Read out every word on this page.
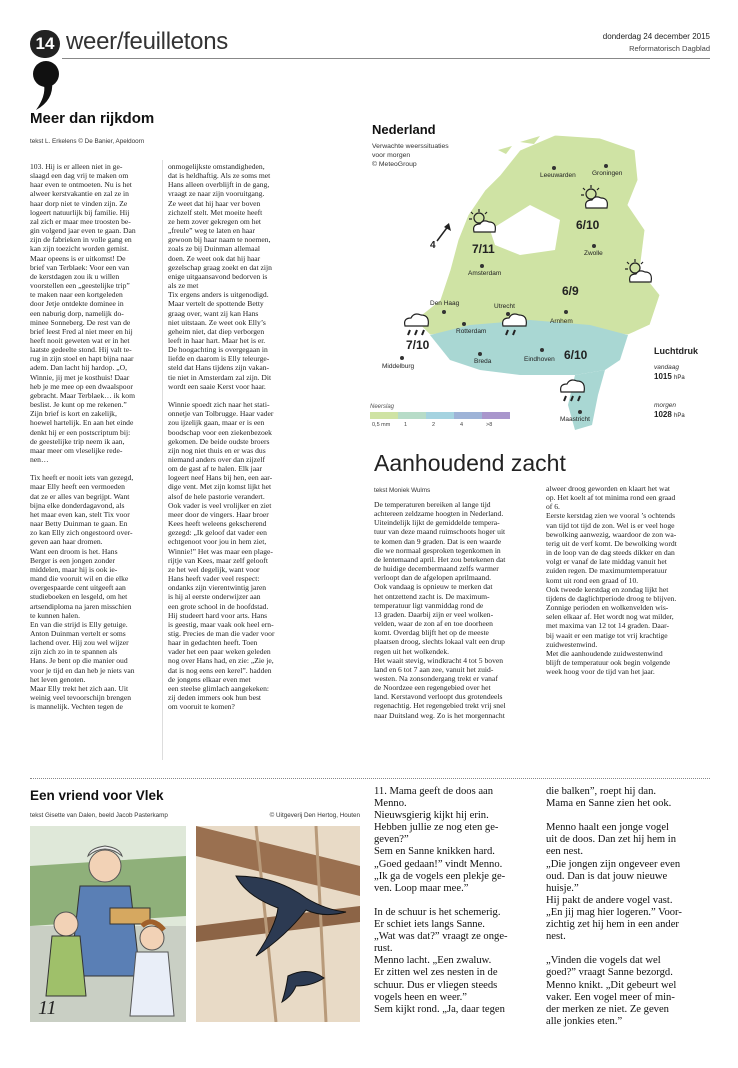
14 weer/feuilletons	donderdag 24 december 2015
Reformatorisch Dagblad
Meer dan rijkdom
tekst L. Erkelens © De Banier, Apeldoorn
103. Hij is er alleen niet in ge-
slaagd een dag vrij te maken om
haar even te ontmoeten. Nu is het
alweer kerstvakantie en zal ze in
haar dorp niet te vinden zijn. Ze
logeert natuurlijk bij familie. Hij
zal zich er maar mee troosten be-
gin volgend jaar even te gaan. Dan
zijn de fabrieken in volle gang en
kan zijn toezicht worden gemist.
Maar opeens is er uitkomst! De
brief van Terblaek: Voor een van
de kerstdagen zou ik u willen
voorstellen een „geestelijke trip”
te maken naar een kortgeleden
door Jetje ontdekte dominee in
een naburig dorp, namelijk do-
minee Sonneberg. De rest van de
brief leest Fred al niet meer en hij
heeft nooit geweten wat er in het
laatste gedeelte stond. Hij valt te-
rug in zijn stoel en hapt bijna naar
adem. Dan lacht hij hardop. „O,
Winnie, jij met je kosthuis! Daar
heb je me mee op een dwaalspoor
gebracht. Maar Terblaek… ik kom
beslist. Je kunt op me rekenen.”
Zijn brief is kort en zakelijk,
hoewel hartelijk. En aan het einde
denkt hij er een postscriptum bij:
de geestelijke trip neem ik aan,
maar meer om vleselijke rede-
nen…

Tix heeft er nooit iets van gezegd,
maar Elly heeft een vermoeden
dat ze er alles van begrijpt. Want
bijna elke donderdagavond, als
het maar even kan, stelt Tix voor
naar Betty Duinman te gaan. En
zo kan Elly zich ongestoord over-
geven aan haar dromen.
Want een droom is het. Hans
Berger is een jongen zonder
middelen, maar hij is ook ie-
mand die vooruit wil en die elke
overgespaarde cent uitgeeft aan
studieboeken en lesgeld, om het
artsendiploma na jaren misschien
te kunnen halen.
En van die strijd is Elly getuige.
Anton Duinman vertelt er soms
lachend over. Hij zou wel wijzer
zijn zich zo in te spannen als
Hans. Je bent op die manier oud
voor je tijd en dan heb je niets van
het leven genoten.
Maar Elly trekt het zich aan. Uit
weinig veel tevoorschijn brengen
is mannelijk. Vechten tegen de
onmogelijkste omstandigheden,
dat is heldhaftig. Als ze soms met
Hans alleen overblijft in de gang,
vraagt ze naar zijn vooruitgang.
Ze weet dat hij haar ver boven
zichzelf stelt. Met moeite heeft
ze hem zover gekregen om het
„freule” weg te laten en haar
gewoon bij haar naam te noemen,
zoals ze bij Duinman allemaal
doen. Ze weet ook dat hij haar
gezelschap graag zoekt en dat zijn
enige uitgaansavond bedorven is
als ze met
Tix ergens anders is uitgenodigd.
Maar vertelt de spottende Betty
graag over, want zij kan Hans
niet uitstaan. Ze weet ook Elly’s
geheim niet, dat diep verborgen
leeft in haar hart. Maar het is er.
De hoogachting is overgegaan in
liefde en daarom is Elly teleurge-
steld dat Hans tijdens zijn vakan-
tie niet in Amsterdam zal zijn. Dit
wordt een saaie Kerst voor haar.

Winnie spoedt zich naar het stati-
onnetje van Tolbrugge. Haar vader
zou ijzelijk gaan, maar er is een
boodschap voor een ziekenbezoek
gekomen. De beide oudste broers
zijn nog niet thuis en er was dus
niemand anders over dan zijzelf
om de gast af te halen. Elk jaar
logeert neef Hans bij hen, een aar-
dige vent. Met zijn komst lijkt het
alsof de hele pastorie verandert.
Ook vader is veel vrolijker en ziet
meer door de vingers. Haar broer
Kees heeft weleens gekscherend
gezegd: „Ik geloof dat vader een
echtgenoot voor jou in hem ziet,
Winnie!” Het was maar een plage-
rijtje van Kees, maar zelf gelooft
ze het wel degelijk, want voor
Hans heeft vader veel respect:
ondanks zijn vierentwintig jaren
is hij al eerste onderwijzer aan
een grote school in de hoofdstad.
Hij studeert hard voor arts. Hans
is geestig, maar vaak ook heel ern-
stig. Precies de man die vader voor
haar in gedachten heeft. Toen
vader het een paar weken geleden
nog over Hans had, en zie: „Zie je,
dat is nog eens een kerel”. hadden
de jongens elkaar even met
een steelse glimlach aangekeken:
zij deden immers ook hun best
om vooruit te komen?
Nederland
Verwachte weerssituaties
voor morgen
© MeteoGroup
Leeuwarden Groningen
Zwolle
Amsterdam
Den Haag	Utrecht
Rotterdam
Arnhem
Breda	Eindhoven
Middelburg
Maastricht
6/10
7/11
6/9
7/10
6/10
4
Luchtdruk
vandaag
1015 hPa
morgen
1028 hPa
Neerslag
0,5 mm 1	2	4	>8
Aanhoudend zacht
tekst Moniek Wulms
De temperaturen bereiken al lange tijd
achtereen zeldzame hoogten in Nederland.
Uiteindelijk lijkt de gemiddelde tempera-
tuur van deze maand ruimschoots hoger uit
te komen dan 9 graden. Dat is een waarde
die we normaal gesproken tegenkomen in
de lentemaand april. Het zou betekenen dat
de huidige decembermaand zelfs warmer
verloopt dan de afgelopen aprilmaand.
Ook vandaag is opnieuw te merken dat
het ontzettend zacht is. De maximum-
temperatuur ligt vanmiddag rond de
13 graden. Daarbij zijn er veel wolken-
velden, waar de zon af en toe doorheen
komt. Overdag blijft het op de meeste
plaatsen droog, slechts lokaal valt een drup
regen uit het wolkendek.
Het waait stevig, windkracht 4 tot 5 boven
land en 6 tot 7 aan zee, vanuit het zuid-
westen. Na zonsondergang trekt er vanaf
de Noordzee een regengebied over het
land. Kerstavond verloopt dus grotendeels
regenachtig. Het regengebied trekt vrij snel
naar Duitsland weg. Zo is het morgennacht
alweer droog geworden en klaart het wat
op. Het koelt af tot minima rond een graad
of 6.
Eerste kerstdag zien we vooral ’s ochtends
van tijd tot tijd de zon. Wel is er veel hoge
bewolking aanwezig, waardoor de zon wa-
terig uit de verf komt. De bewolking wordt
in de loop van de dag steeds dikker en dan
volgt er vanaf de late middag vanuit het
zuiden regen. De maximumtemperatuur
komt uit rond een graad of 10.
Ook tweede kerstdag en zondag lijkt het
tijdens de daglichtperiode droog te blijven.
Zonnige perioden en wolkenvelden wis-
selen elkaar af. Het wordt nog wat milder,
met maxima van 12 tot 14 graden. Daar-
bij waait er een matige tot vrij krachtige
zuidwestenwind.
Met die aanhoudende zuidwestenwind
blijft de temperatuur ook begin volgende
week hoog voor de tijd van het jaar.
Een vriend voor Vlek
tekst Gisette van Dalen, beeld Jacob Pasterkamp	© Uitgeverij Den Hertog, Houten
11
11. Mama geeft de doos aan
Menno.
Nieuwsgierig kijkt hij erin.
Hebben jullie ze nog eten ge-
geven?”
Sem en Sanne knikken hard.
„Goed gedaan!” vindt Menno.
„Ik ga de vogels een plekje ge-
ven. Loop maar mee.”

In de schuur is het schemerig.
Er schiet iets langs Sanne.
„Wat was dat?” vraagt ze onge-
rust.
Menno lacht. „Een zwaluw.
Er zitten wel zes nesten in de
schuur. Dus er vliegen steeds
vogels heen en weer.”
Sem kijkt rond. „Ja, daar tegen
die balken”, roept hij dan.
Mama en Sanne zien het ook.

Menno haalt een jonge vogel
uit de doos. Dan zet hij hem in
een nest.
„Die jongen zijn ongeveer even
oud. Dan is dat jouw nieuwe
huisje.”
Hij pakt de andere vogel vast.
„En jij mag hier logeren.” Voor-
zichtig zet hij hem in een ander
nest.

„Vinden die vogels dat wel
goed?” vraagt Sanne bezorgd.
Menno knikt. „Dit gebeurt wel
vaker. Een vogel meer of min-
der merken ze niet. Ze geven
alle jonkies eten.”
